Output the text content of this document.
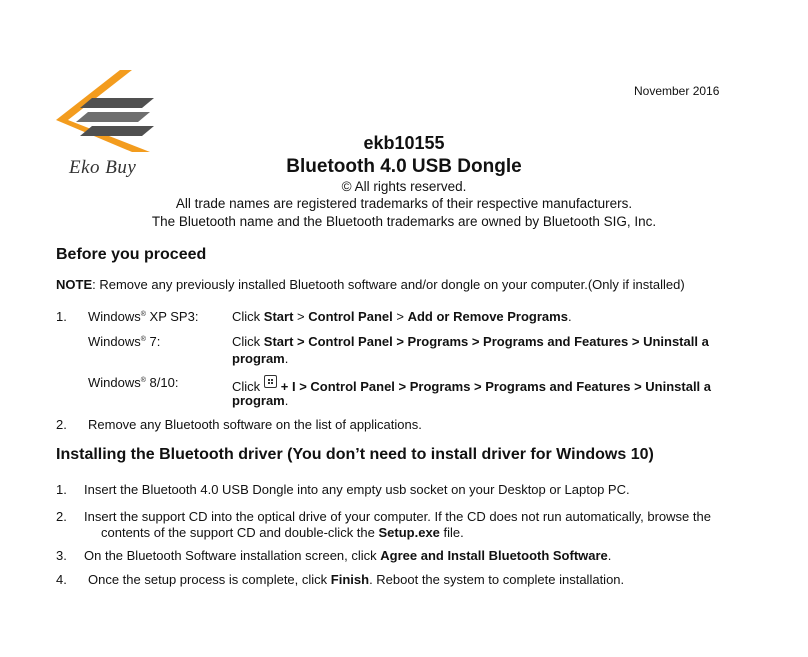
Eko Buy
November 2016
ekb10155
Bluetooth 4.0 USB Dongle
© All rights reserved.
All trade names are registered trademarks of their respective manufacturers.
The Bluetooth name and the Bluetooth trademarks are owned by Bluetooth SIG, Inc.
Before you proceed
NOTE: Remove any previously installed Bluetooth software and/or dongle on your computer.(Only if installed)
1. Windows® XP SP3:	Click Start > Control Panel > Add or Remove Programs.
Windows® 7:	Click Start > Control Panel > Programs > Programs and Features > Uninstall a
program.
Windows® 8/10:	Click + I > Control Panel > Programs > Programs and Features > Uninstall a
program.
2. Remove any Bluetooth software on the list of applications.
Installing the Bluetooth driver (You don’t need to install driver for Windows 10)
1. Insert the Bluetooth 4.0 USB Dongle into any empty usb socket on your Desktop or Laptop PC.
2. Insert the support CD into the optical drive of your computer. If the CD does not run automatically, browse the
contents of the support CD and double-click the Setup.exe file.
3. On the Bluetooth Software installation screen, click Agree and Install Bluetooth Software.
4. Once the setup process is complete, click Finish. Reboot the system to complete installation.
